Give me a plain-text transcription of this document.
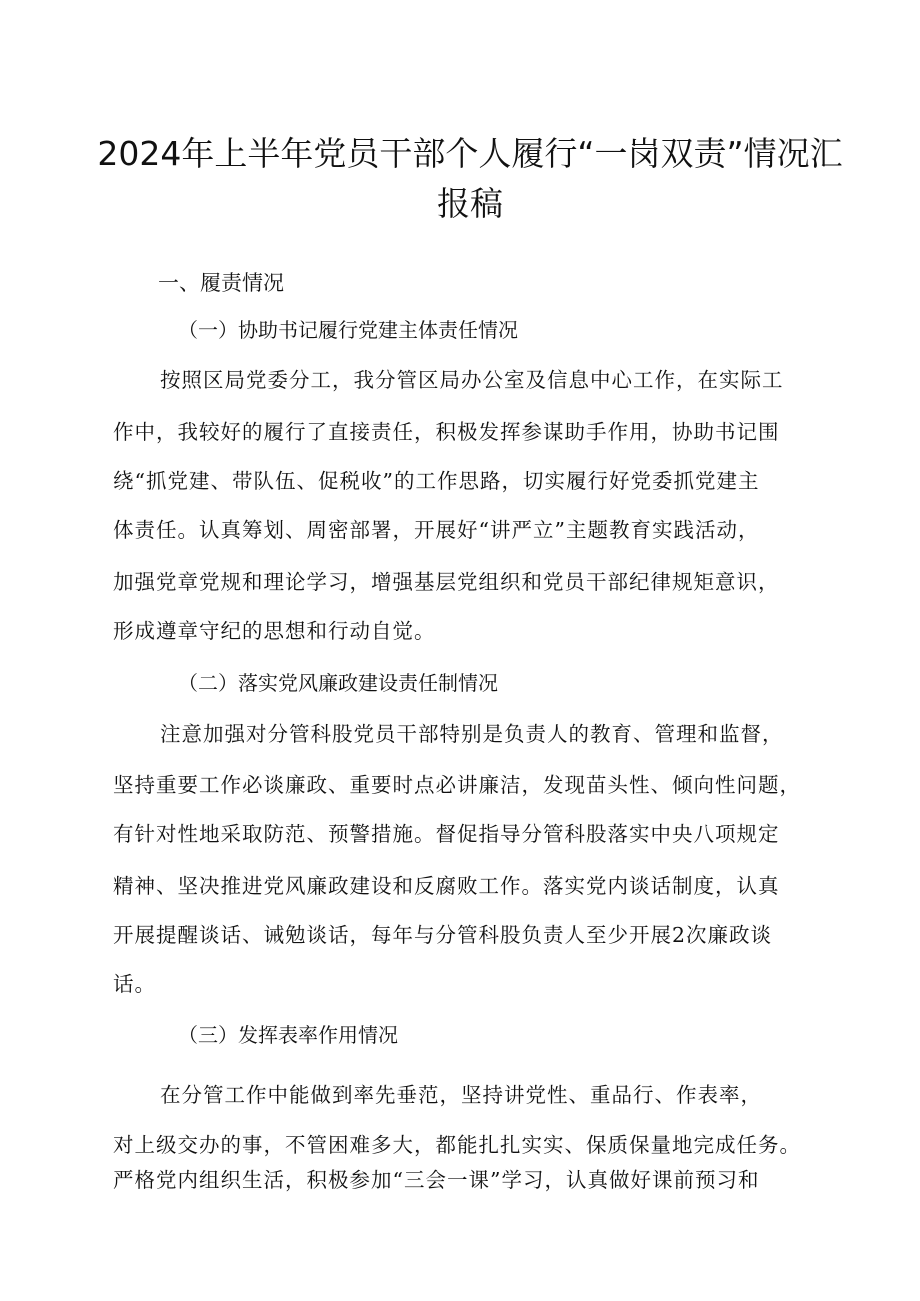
2024年上半年党员干部个人履行“一岗双责”情况汇
报稿
一、履责情况
（一）协助书记履行党建主体责任情况
按照区局党委分工，我分管区局办公室及信息中心工作，在实际工
作中，我较好的履行了直接责任，积极发挥参谋助手作用，协助书记围
绕“抓党建、带队伍、促税收”的工作思路，切实履行好党委抓党建主
体责任。认真筹划、周密部署，开展好“讲严立”主题教育实践活动，
加强党章党规和理论学习，增强基层党组织和党员干部纪律规矩意识，
形成遵章守纪的思想和行动自觉。
（二）落实党风廉政建设责任制情况
注意加强对分管科股党员干部特别是负责人的教育、管理和监督，
坚持重要工作必谈廉政、重要时点必讲廉洁，发现苗头性、倾向性问题，
有针对性地采取防范、预警措施。督促指导分管科股落实中央八项规定
精神、坚决推进党风廉政建设和反腐败工作。落实党内谈话制度，认真
开展提醒谈话、诫勉谈话，每年与分管科股负责人至少开展2次廉政谈
话。
（三）发挥表率作用情况
在分管工作中能做到率先垂范，坚持讲党性、重品行、作表率，
对上级交办的事，不管困难多大，都能扎扎实实、保质保量地完成任务。
严格党内组织生活，积极参加“三会一课”学习，认真做好课前预习和
